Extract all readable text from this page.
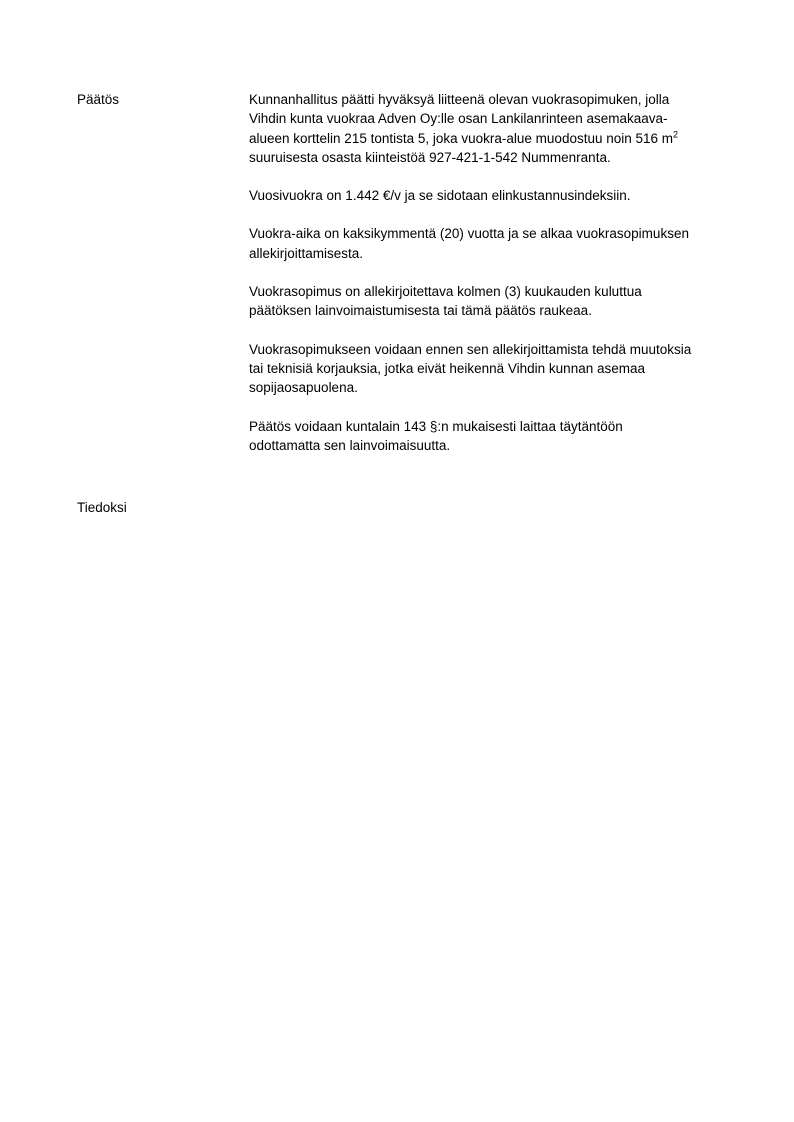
Päätös	Kunnanhallitus päätti hyväksyä liitteenä olevan vuokrasopimuken, jolla
Vihdin kunta vuokraa Adven Oy:lle osan Lankilanrinteen asemakaava-
alueen korttelin 215 tontista 5, joka vuokra-alue muodostuu noin 516 $m^2$
suuruisesta osasta kiinteistöä 927-421-1-542 Nummenranta.

Vuosivuokra on 1.442 €/v ja se sidotaan elinkustannusindeksiin.

Vuokra-aika on kaksikymmentä (20) vuotta ja se alkaa vuokrasopimuksen
allekirjoittamisesta.

Vuokrasopimus on allekirjoitettava kolmen (3) kuukauden kuluttua
päätöksen lainvoimaistumisesta tai tämä päätös raukeaa.

Vuokrasopimukseen voidaan ennen sen allekirjoittamista tehdä muutoksia
tai teknisiä korjauksia, jotka eivät heikennä Vihdin kunnan asemaa
sopijaosapuolena.

Päätös voidaan kuntalain 143 §:n mukaisesti laittaa täytäntöön
odottamatta sen lainvoimaisuutta.

Tiedoksi
